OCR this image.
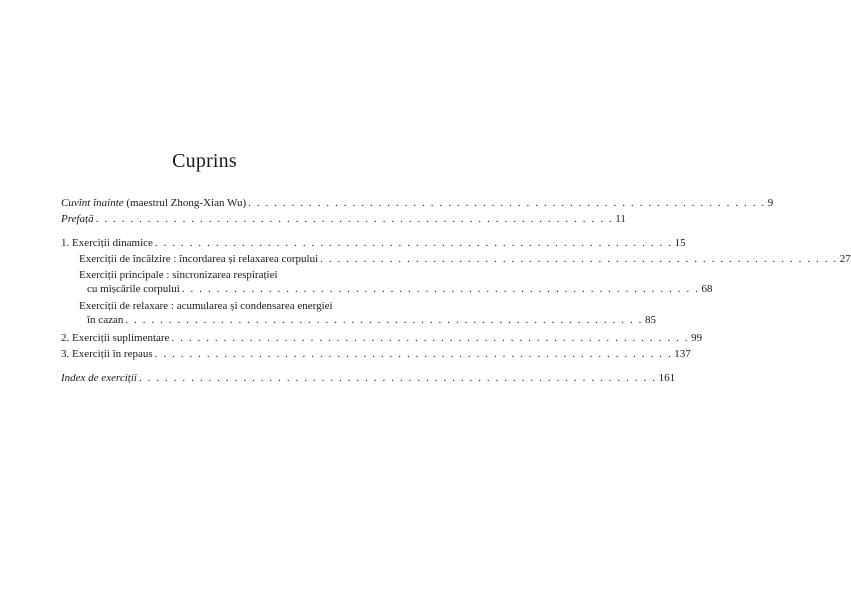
Cuprins
Cuvînt înainte (maestrul Zhong-Xian Wu) . . . . . . . . . . . . . . . . . . . . . . . . . . . . . . . . . . . . . . . . . . . . . . . . . . . . . . . . . . . . 9
Prefață . . . . . . . . . . . . . . . . . . . . . . . . . . . . . . . . . . . . . . . . . . . . . . . . . . . . . . . . . . . . 11
1. Exerciții dinamice . . . . . . . . . . . . . . . . . . . . . . . . . . . . . . . . . . . . . . . . . . . . . . . . . . . . . . . . . . . . 15
Exerciții de încălzire : încordarea și relaxarea corpului . . . . . . . . . . . . . . . . . . . . . . . . . . . . . . . . . . . . . . . . . . . . . . . . . . . . . . . . . . . . 27
Exerciții principale : sincronizarea respirației
cu mișcările corpului . . . . . . . . . . . . . . . . . . . . . . . . . . . . . . . . . . . . . . . . . . . . . . . . . . . . . . . . . . . . 68
Exerciții de relaxare : acumularea și condensarea energiei
în cazan . . . . . . . . . . . . . . . . . . . . . . . . . . . . . . . . . . . . . . . . . . . . . . . . . . . . . . . . . . . . 85
2. Exerciții suplimentare . . . . . . . . . . . . . . . . . . . . . . . . . . . . . . . . . . . . . . . . . . . . . . . . . . . . . . . . . . . . 99
3. Exerciții în repaus . . . . . . . . . . . . . . . . . . . . . . . . . . . . . . . . . . . . . . . . . . . . . . . . . . . . . . . . . . . . 137
Index de exerciții . . . . . . . . . . . . . . . . . . . . . . . . . . . . . . . . . . . . . . . . . . . . . . . . . . . . . . . . . . . . 161
